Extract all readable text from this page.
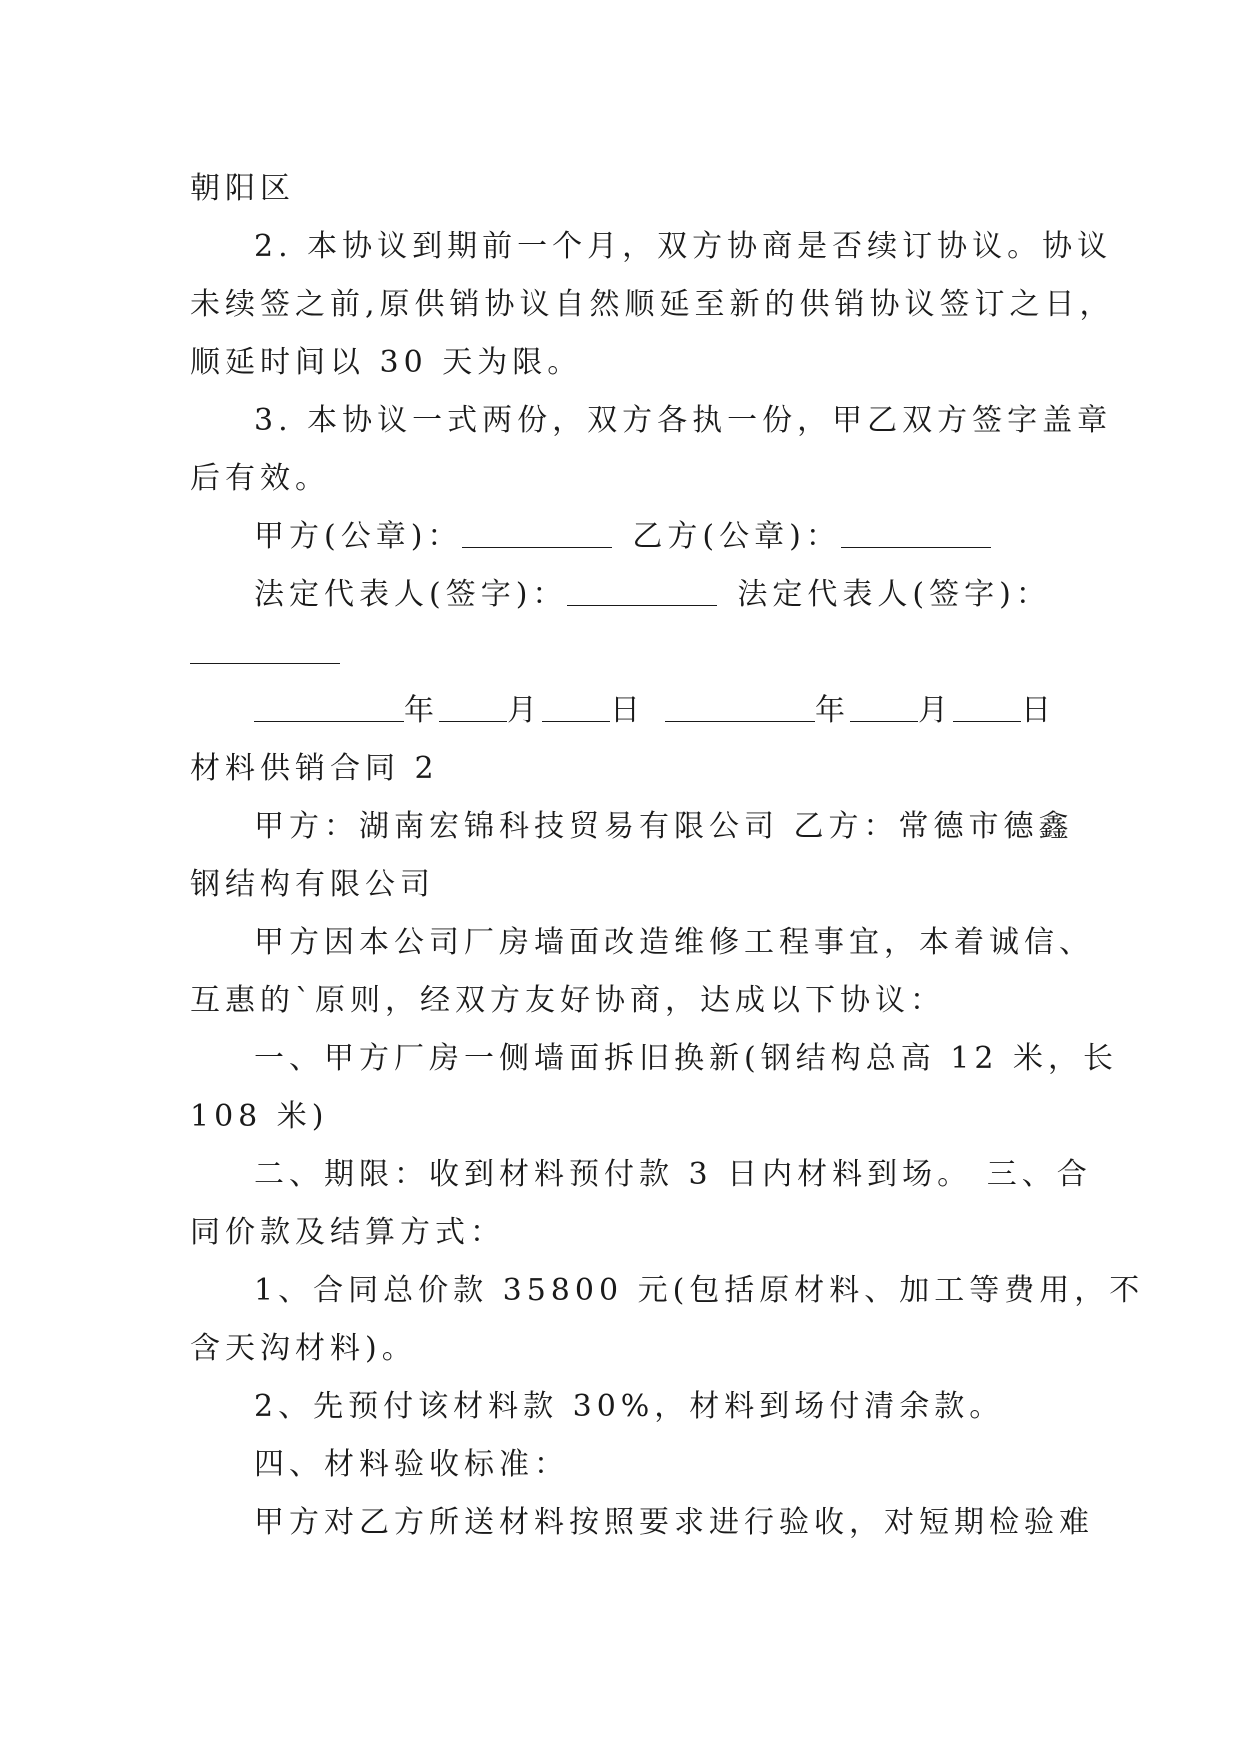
朝阳区
2. 本协议到期前一个月，双方协商是否续订协议。协议
未续签之前,原供销协议自然顺延至新的供销协议签订之日，
顺延时间以 30 天为限。
3. 本协议一式两份，双方各执一份，甲乙双方签字盖章
后有效。
甲方(公章)：	乙方(公章)：
法定代表人(签字)：	法定代表人(签字)：
年 月 日	年 月 日
材料供销合同 2
甲方：湖南宏锦科技贸易有限公司 乙方：常德市德鑫
钢结构有限公司
甲方因本公司厂房墙面改造维修工程事宜，本着诚信、
互惠的`原则，经双方友好协商，达成以下协议：
一、甲方厂房一侧墙面拆旧换新(钢结构总高 12 米，长
108 米)
二、期限：收到材料预付款 3 日内材料到场。 三、合
同价款及结算方式：
1、合同总价款 35800 元(包括原材料、加工等费用，不
含天沟材料)。
2、先预付该材料款 30%，材料到场付清余款。
四、材料验收标准：
甲方对乙方所送材料按照要求进行验收，对短期检验难
